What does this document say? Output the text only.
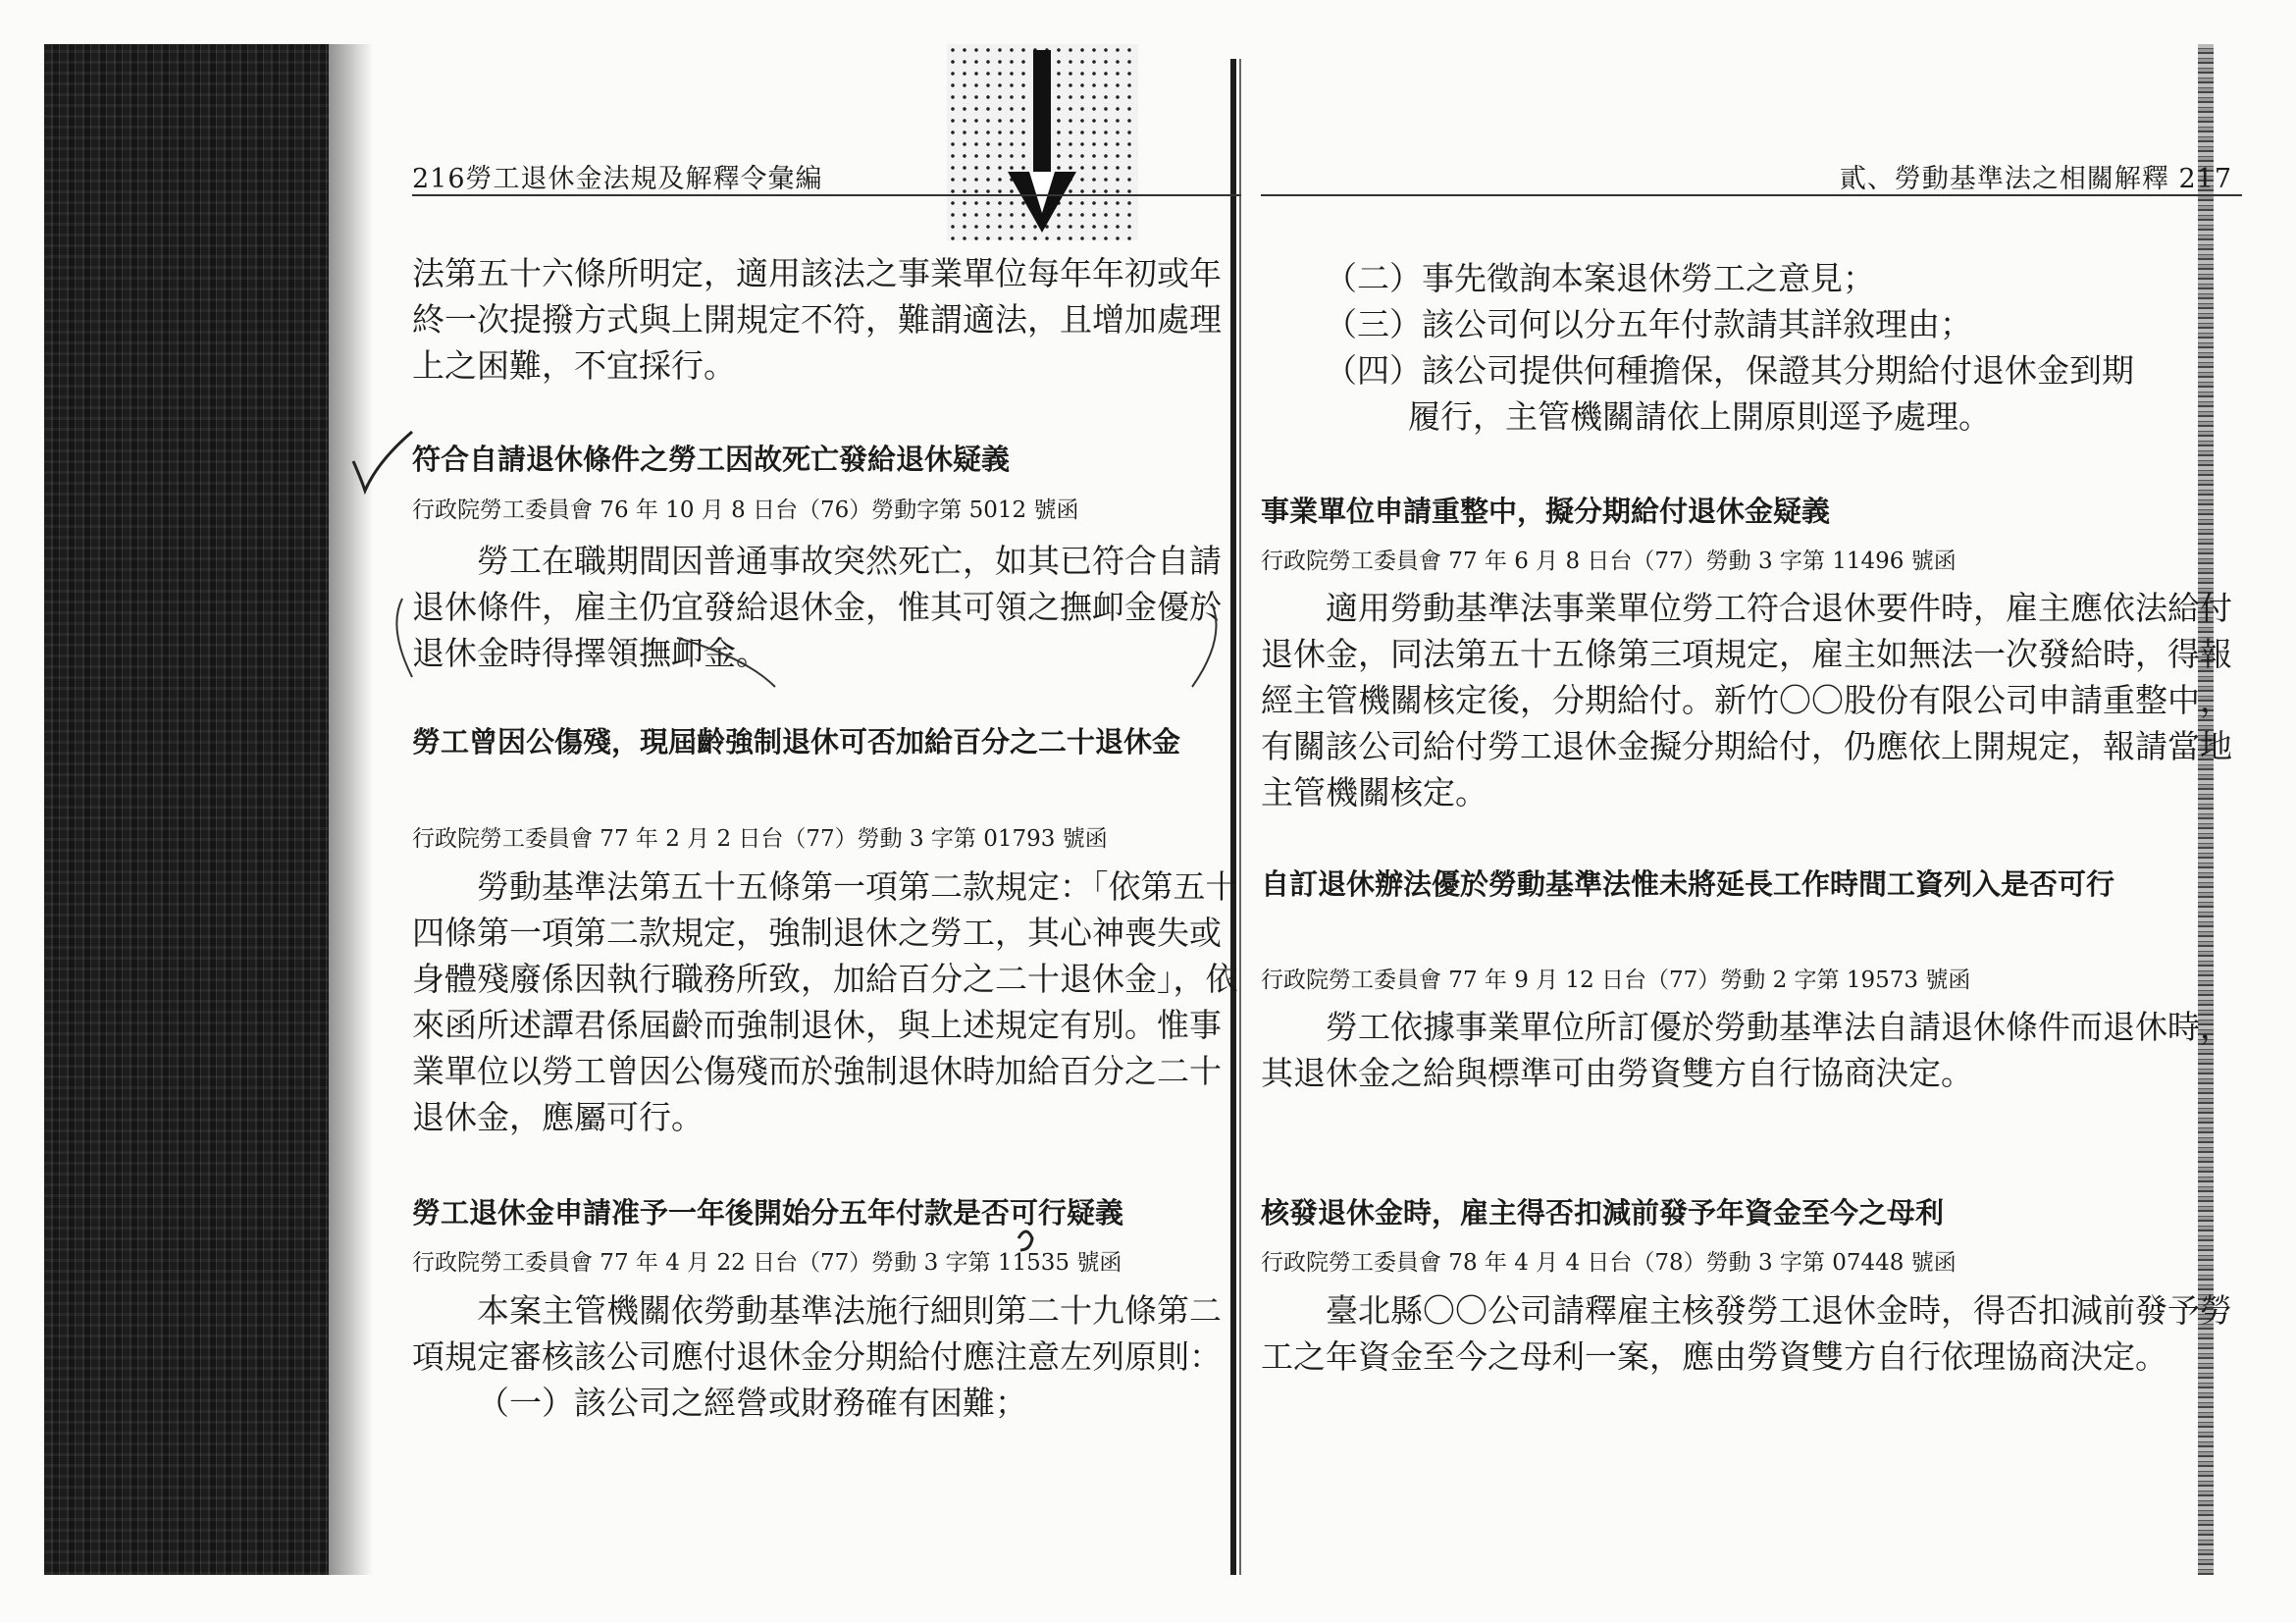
216勞工退休金法規及解釋令彙編
法第五十六條所明定，適用該法之事業單位每年年初或年終一次提撥方式與上開規定不符，難謂適法，且增加處理上之困難，不宜採行。
符合自請退休條件之勞工因故死亡發給退休疑義
行政院勞工委員會 76 年 10 月 8 日台（76）勞動字第 5012 號函
勞工在職期間因普通事故突然死亡，如其已符合自請退休條件，雇主仍宜發給退休金，惟其可領之撫卹金優於退休金時得擇領撫卹金。
勞工曾因公傷殘，現屆齡強制退休可否加給百分之二十退休金
行政院勞工委員會 77 年 2 月 2 日台（77）勞動 3 字第 01793 號函
勞動基準法第五十五條第一項第二款規定：「依第五十四條第一項第二款規定，強制退休之勞工，其心神喪失或身體殘廢係因執行職務所致，加給百分之二十退休金」，依來函所述譚君係屆齡而強制退休，與上述規定有別。惟事業單位以勞工曾因公傷殘而於強制退休時加給百分之二十退休金，應屬可行。
勞工退休金申請准予一年後開始分五年付款是否可行疑義
行政院勞工委員會 77 年 4 月 22 日台（77）勞動 3 字第 11535 號函
本案主管機關依勞動基準法施行細則第二十九條第二項規定審核該公司應付退休金分期給付應注意左列原則：
（一）該公司之經營或財務確有困難；
貳、勞動基準法之相關解釋 217
（二）事先徵詢本案退休勞工之意見；
（三）該公司何以分五年付款請其詳敘理由；
（四）該公司提供何種擔保，保證其分期給付退休金到期履行，主管機關請依上開原則逕予處理。
事業單位申請重整中，擬分期給付退休金疑義
行政院勞工委員會 77 年 6 月 8 日台（77）勞動 3 字第 11496 號函
適用勞動基準法事業單位勞工符合退休要件時，雇主應依法給付退休金，同法第五十五條第三項規定，雇主如無法一次發給時，得報經主管機關核定後，分期給付。新竹〇〇股份有限公司申請重整中，有關該公司給付勞工退休金擬分期給付，仍應依上開規定，報請當地主管機關核定。
自訂退休辦法優於勞動基準法惟未將延長工作時間工資列入是否可行
行政院勞工委員會 77 年 9 月 12 日台（77）勞動 2 字第 19573 號函
勞工依據事業單位所訂優於勞動基準法自請退休條件而退休時，其退休金之給與標準可由勞資雙方自行協商決定。
核發退休金時，雇主得否扣減前發予年資金至今之母利
行政院勞工委員會 78 年 4 月 4 日台（78）勞動 3 字第 07448 號函
臺北縣〇〇公司請釋雇主核發勞工退休金時，得否扣減前發予勞工之年資金至今之母利一案，應由勞資雙方自行依理協商決定。
